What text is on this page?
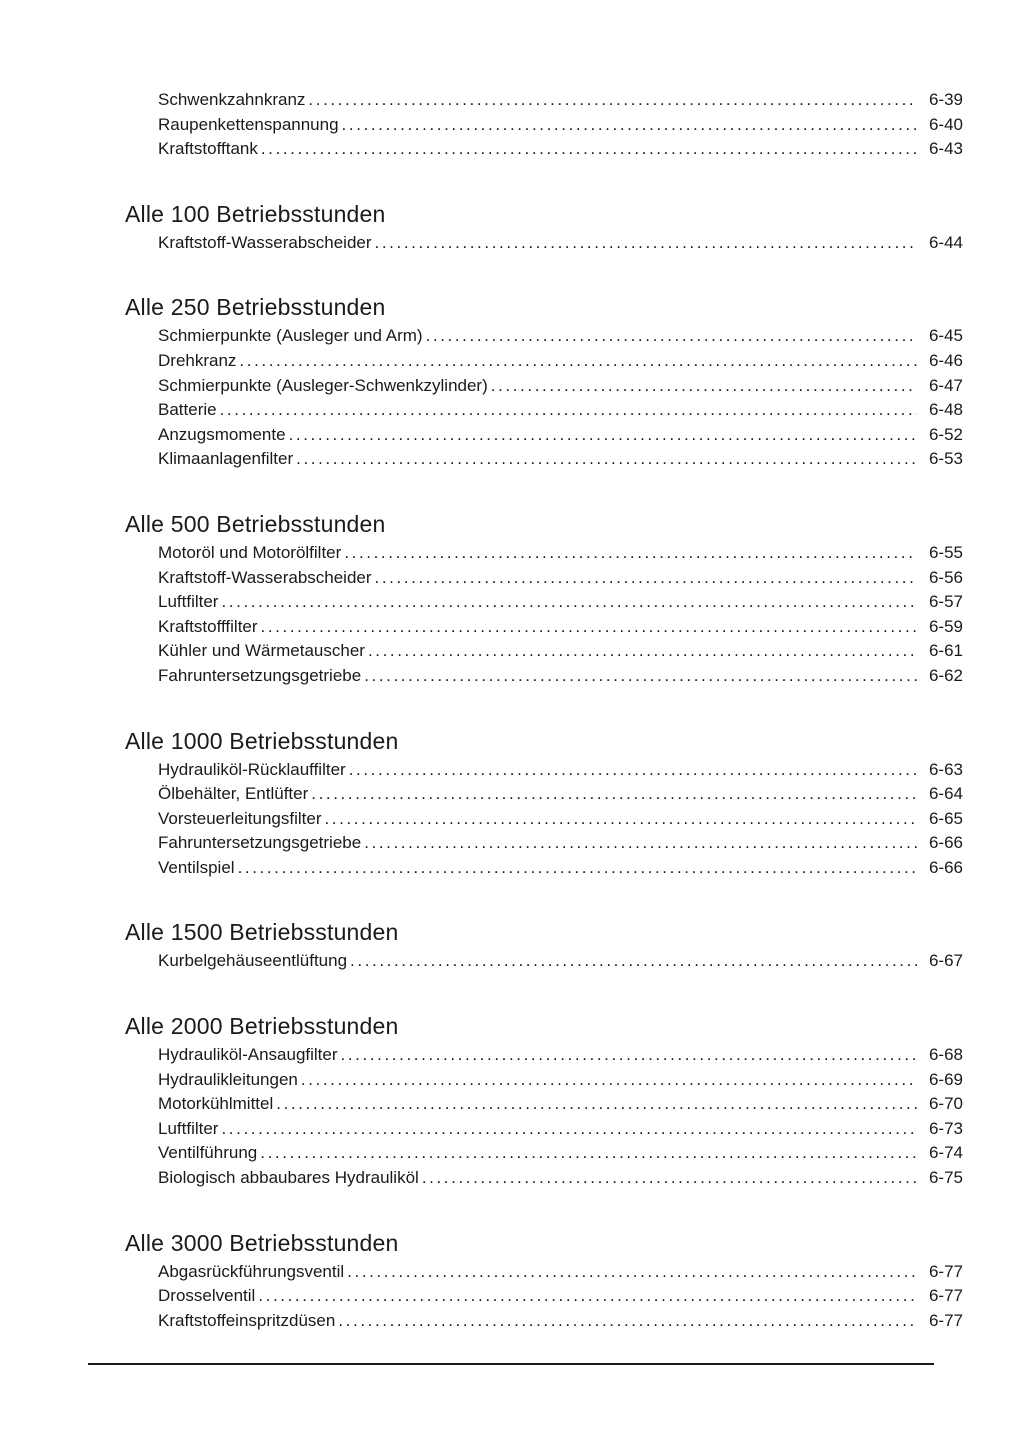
Schwenkzahnkranz .....	6-39
Raupenkettenspannung .....	6-40
Kraftstofftank .....	6-43
Alle 100 Betriebsstunden
Kraftstoff-Wasserabscheider .....	6-44
Alle 250 Betriebsstunden
Schmierpunkte (Ausleger und Arm) .....	6-45
Drehkranz .....	6-46
Schmierpunkte (Ausleger-Schwenkzylinder) .....	6-47
Batterie .....	6-48
Anzugsmomente .....	6-52
Klimaanlagenfilter .....	6-53
Alle 500 Betriebsstunden
Motoröl und Motorölfilter .....	6-55
Kraftstoff-Wasserabscheider .....	6-56
Luftfilter .....	6-57
Kraftstofffilter .....	6-59
Kühler und Wärmetauscher .....	6-61
Fahruntersetzungsgetriebe .....	6-62
Alle 1000 Betriebsstunden
Hydrauliköl-Rücklauffilter .....	6-63
Ölbehälter, Entlüfter .....	6-64
Vorsteuerleitungsfilter .....	6-65
Fahruntersetzungsgetriebe .....	6-66
Ventilspiel .....	6-66
Alle 1500 Betriebsstunden
Kurbelgehäuseentlüftung .....	6-67
Alle 2000 Betriebsstunden
Hydrauliköl-Ansaugfilter .....	6-68
Hydraulikleitungen .....	6-69
Motorkühlmittel .....	6-70
Luftfilter .....	6-73
Ventilführung .....	6-74
Biologisch abbaubares Hydrauliköl .....	6-75
Alle 3000 Betriebsstunden
Abgasrückführungsventil .....	6-77
Drosselventil .....	6-77
Kraftstoffeinspritzdüsen .....	6-77
